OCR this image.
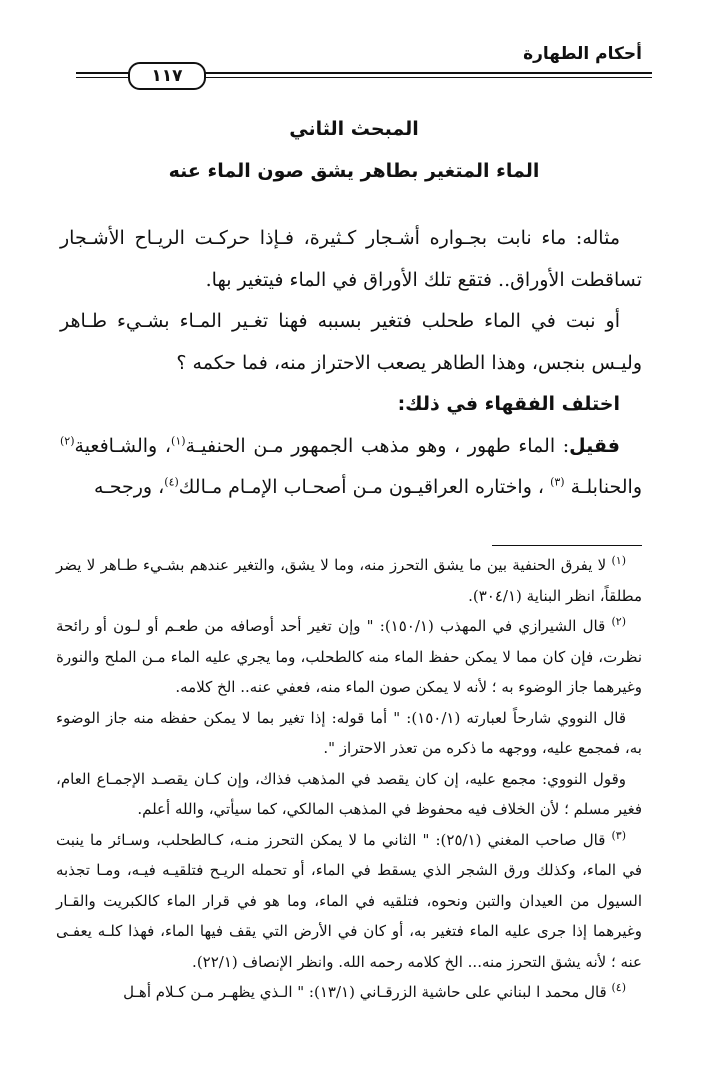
أحكام الطهارة
١١٧
المبحث الثاني
الماء المتغير بطاهر يشق صون الماء عنه

مثاله: ماء نابت بجـواره أشـجار كـثيرة، فـإذا حركـت الريـاح الأشـجار تساقطت الأوراق.. فتقع تلك الأوراق في الماء فيتغير بها.

أو نبت في الماء طحلب فتغير بسببه فهنا تغـير المـاء بشـيء طـاهر وليـس بنجس، وهذا الطاهر يصعب الاحتراز منه، فما حكمه ؟

اختلف الفقهاء في ذلك:

فقيل: الماء طهور ، وهو مذهب الجمهور مـن الحنفيـة$^{(١)}$، والشـافعية$^{(٢)}$ والحنابلـة $^{(٣)}$ ، واختاره العراقيـون مـن أصحـاب الإمـام مـالك$^{(٤)}$، ورجحـه

$^{(١)}$ لا يفرق الحنفية بين ما يشق التحرز منه، وما لا يشق، والتغير عندهم بشـيء طـاهر لا يضر مطلقاً، انظر البناية (٣٠٤/١).

$^{(٢)}$ قال الشيرازي في المهذب (١٥٠/١): " وإن تغير أحد أوصافه من طعـم أو لـون أو رائحة نظرت، فإن كان مما لا يمكن حفظ الماء منه كالطحلب، وما يجري عليه الماء مـن الملح والنورة وغيرهما جاز الوضوء به ؛ لأنه لا يمكن صون الماء منه، فعفي عنه.. الخ كلامه.

قال النووي شارحاً لعبارته (١٥٠/١): " أما قوله: إذا تغير بما لا يمكن حفظه منه جاز الوضوء به، فمجمع عليه، ووجهه ما ذكره من تعذر الاحتراز ".

وقول النووي: مجمع عليه، إن كان يقصد في المذهب فذاك، وإن كـان يقصـد الإجمـاع العام، فغير مسلم ؛ لأن الخلاف فيه محفوظ في المذهب المالكي، كما سيأتي، والله أعلم.

$^{(٣)}$ قال صاحب المغني (٢٥/١): " الثاني ما لا يمكن التحرز منـه، كـالطحلب، وسـائر ما ينبت في الماء، وكذلك ورق الشجر الذي يسقط في الماء، أو تحمله الريـح فتلقيـه فيـه، ومـا تجذبه السيول من العيدان والتبن ونحوه، فتلقيه في الماء، وما هو في قرار الماء كالكبريت والقـار وغيرهما إذا جرى عليه الماء فتغير به، أو كان في الأرض التي يقف فيها الماء، فهذا كلـه يعفـى عنه ؛ لأنه يشق التحرز منه... الخ كلامه رحمه الله. وانظر الإنصاف (٢٢/١).

$^{(٤)}$ قال محمد ا لبناني على حاشية الزرقـاني (١٣/١): " الـذي يظهـر مـن كـلام أهـل
